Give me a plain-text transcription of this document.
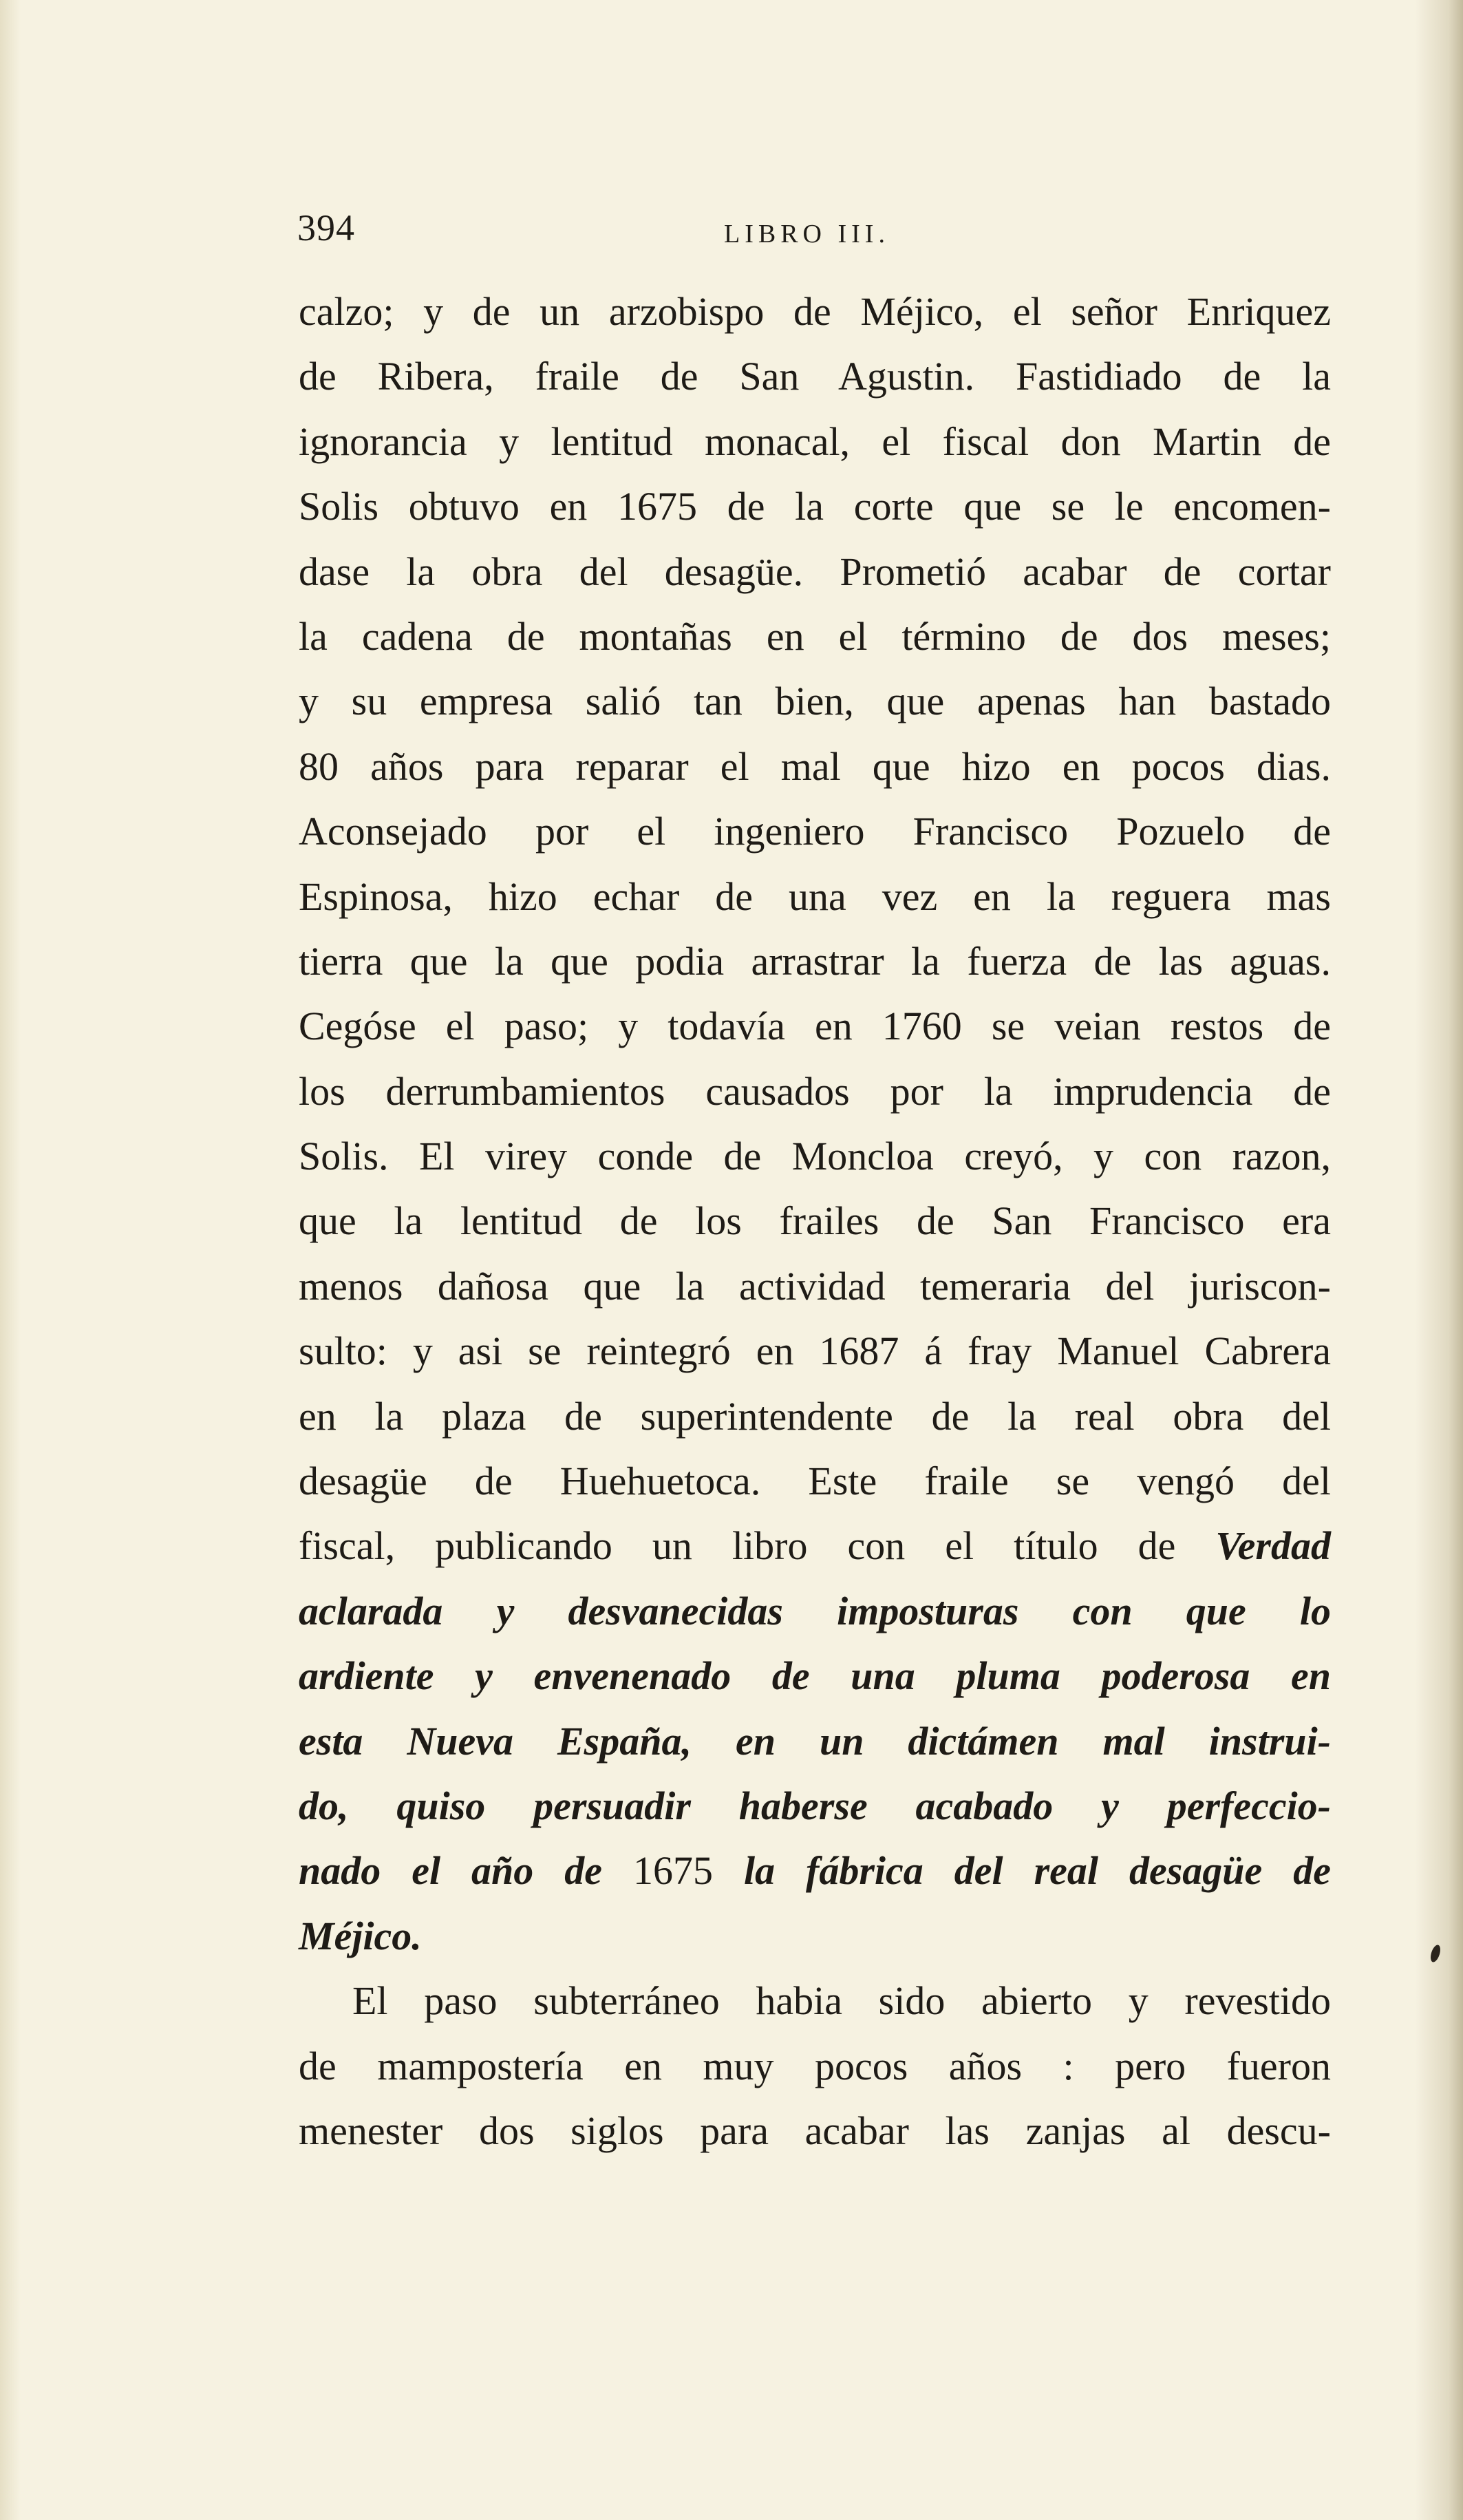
394	LIBRO III.
calzo; y de un arzobispo de Méjico, el señor Enriquez
de Ribera, fraile de San Agustin. Fastidiado de la
ignorancia y lentitud monacal, el fiscal don Martin de
Solis obtuvo en 1675 de la corte que se le encomen-
dase la obra del desagüe. Prometió acabar de cortar
la cadena de montañas en el término de dos meses;
y su empresa salió tan bien, que apenas han bastado
80 años para reparar el mal que hizo en pocos dias.
Aconsejado por el ingeniero Francisco Pozuelo de
Espinosa, hizo echar de una vez en la reguera mas
tierra que la que podia arrastrar la fuerza de las aguas.
Cegóse el paso; y todavía en 1760 se veian restos de
los derrumbamientos causados por la imprudencia de
Solis. El virey conde de Moncloa creyó, y con razon,
que la lentitud de los frailes de San Francisco era
menos dañosa que la actividad temeraria del juriscon-
sulto: y asi se reintegró en 1687 á fray Manuel Cabrera
en la plaza de superintendente de la real obra del
desagüe de Huehuetoca. Este fraile se vengó del
fiscal, publicando un libro con el título de Verdad
aclarada y desvanecidas imposturas con que lo
ardiente y envenenado de una pluma poderosa en
esta Nueva España, en un dictámen mal instrui-
do, quiso persuadir haberse acabado y perfeccio-
nado el año de 1675 la fábrica del real desagüe de
Méjico.
El paso subterráneo habia sido abierto y revestido
de mampostería en muy pocos años : pero fueron
menester dos siglos para acabar las zanjas al descu-
